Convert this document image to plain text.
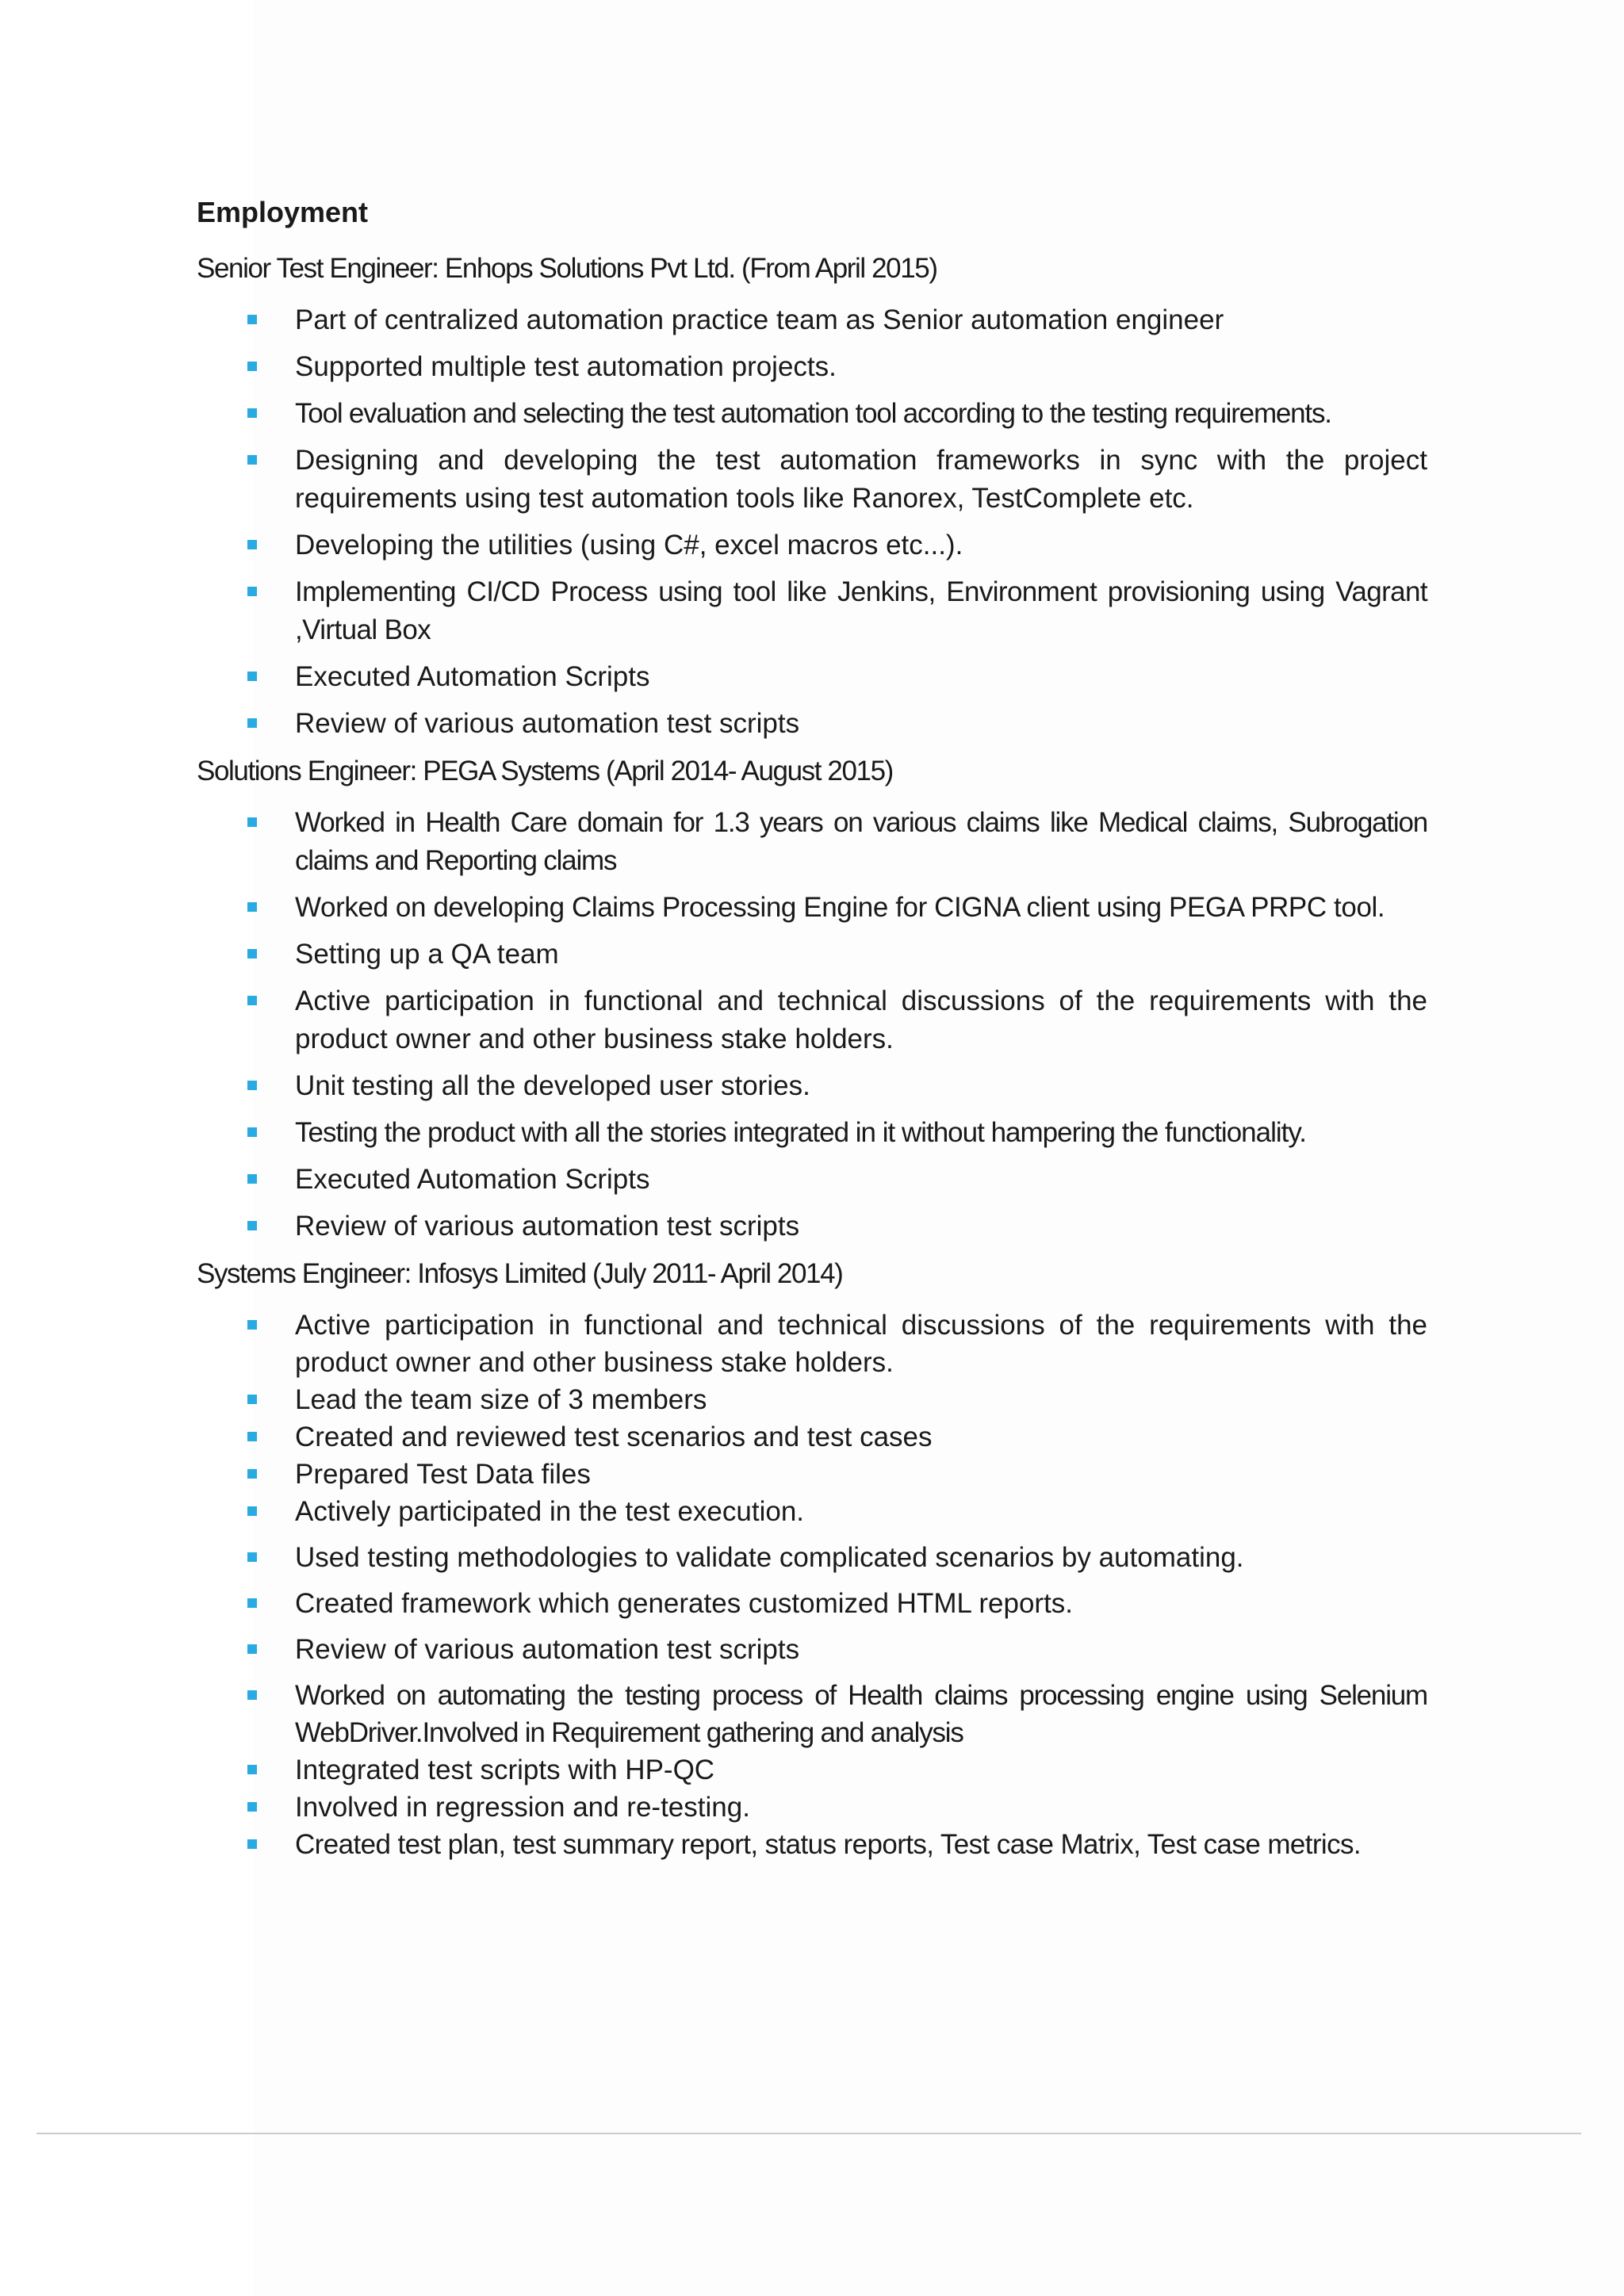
Employment
Senior Test Engineer: Enhops Solutions Pvt Ltd. (From April 2015)
Part of centralized automation practice team as Senior automation engineer
Supported multiple test automation projects.
Tool evaluation and selecting the test automation tool according to the testing requirements.
Designing and developing the test automation frameworks in sync with the project requirements using test automation tools like Ranorex, TestComplete etc.
Developing the utilities (using C#, excel macros etc...).
Implementing CI/CD Process using tool like Jenkins, Environment provisioning using Vagrant ,Virtual Box
Executed Automation Scripts
Review of various automation test scripts
Solutions Engineer: PEGA Systems (April 2014- August 2015)
Worked in Health Care domain for 1.3 years on various claims like Medical claims, Subrogation claims and Reporting claims
Worked on developing Claims Processing Engine for CIGNA client using PEGA PRPC tool.
Setting up a QA team
Active participation in functional and technical discussions of the requirements with the product owner and other business stake holders.
Unit testing all the developed user stories.
Testing the product with all the stories integrated in it without hampering the functionality.
Executed Automation Scripts
Review of various automation test scripts
Systems Engineer: Infosys Limited (July 2011- April 2014)
Active participation in functional and technical discussions of the requirements with the product owner and other business stake holders.
Lead the team size of 3 members
Created and reviewed test scenarios and test cases
Prepared Test Data files
Actively participated in the test execution.
Used testing methodologies to validate complicated scenarios by automating.
Created framework which generates customized HTML reports.
Review of various automation test scripts
Worked on automating the testing process of Health claims processing engine using Selenium WebDriver.Involved in Requirement gathering and analysis
Integrated test scripts with HP-QC
Involved in regression and re-testing.
Created test plan, test summary report, status reports, Test case Matrix, Test case metrics.
